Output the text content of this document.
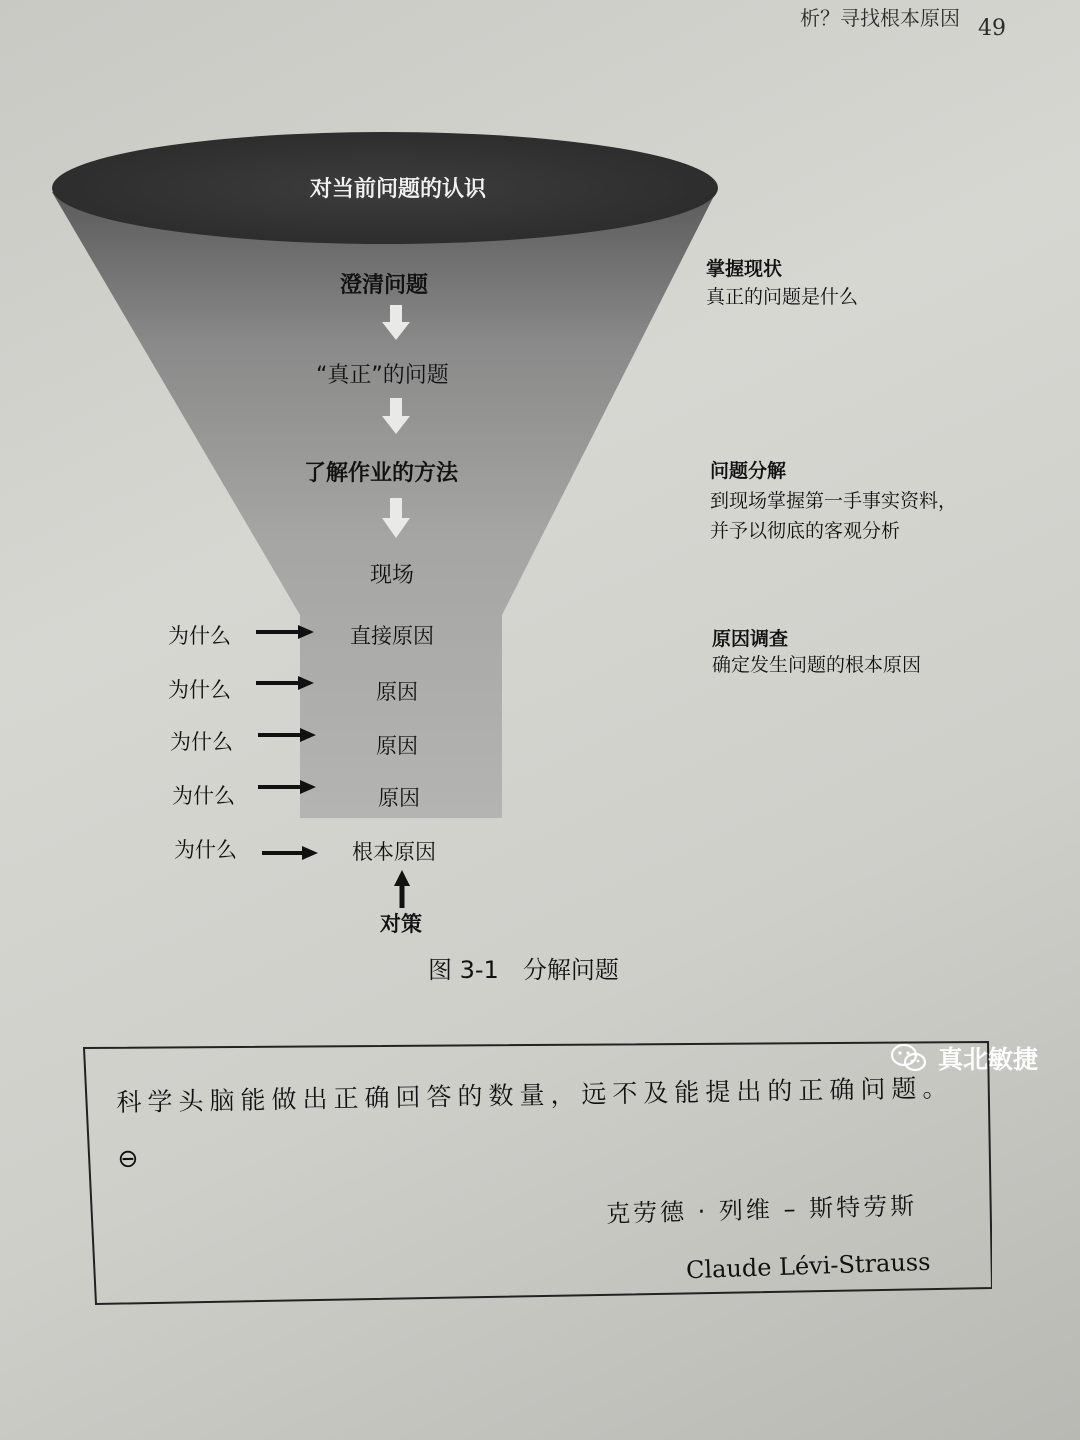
析？寻找根本原因 49
对当前问题的认识
澄清问题
“真正”的问题
了解作业的方法
现场
掌握现状
真正的问题是什么
问题分解
到现场掌握第一手事实资料，
并予以彻底的客观分析
原因调查
确定发生问题的根本原因
为什么
为什么
为什么
为什么
为什么
直接原因
原因
原因
原因
根本原因
对策
图 3-1　分解问题
科学头脑能做出正确回答的数量，远不及能提出的正确问题。⊖
克劳德 · 列维 – 斯特劳斯
Claude Lévi-Strauss
真北敏捷
